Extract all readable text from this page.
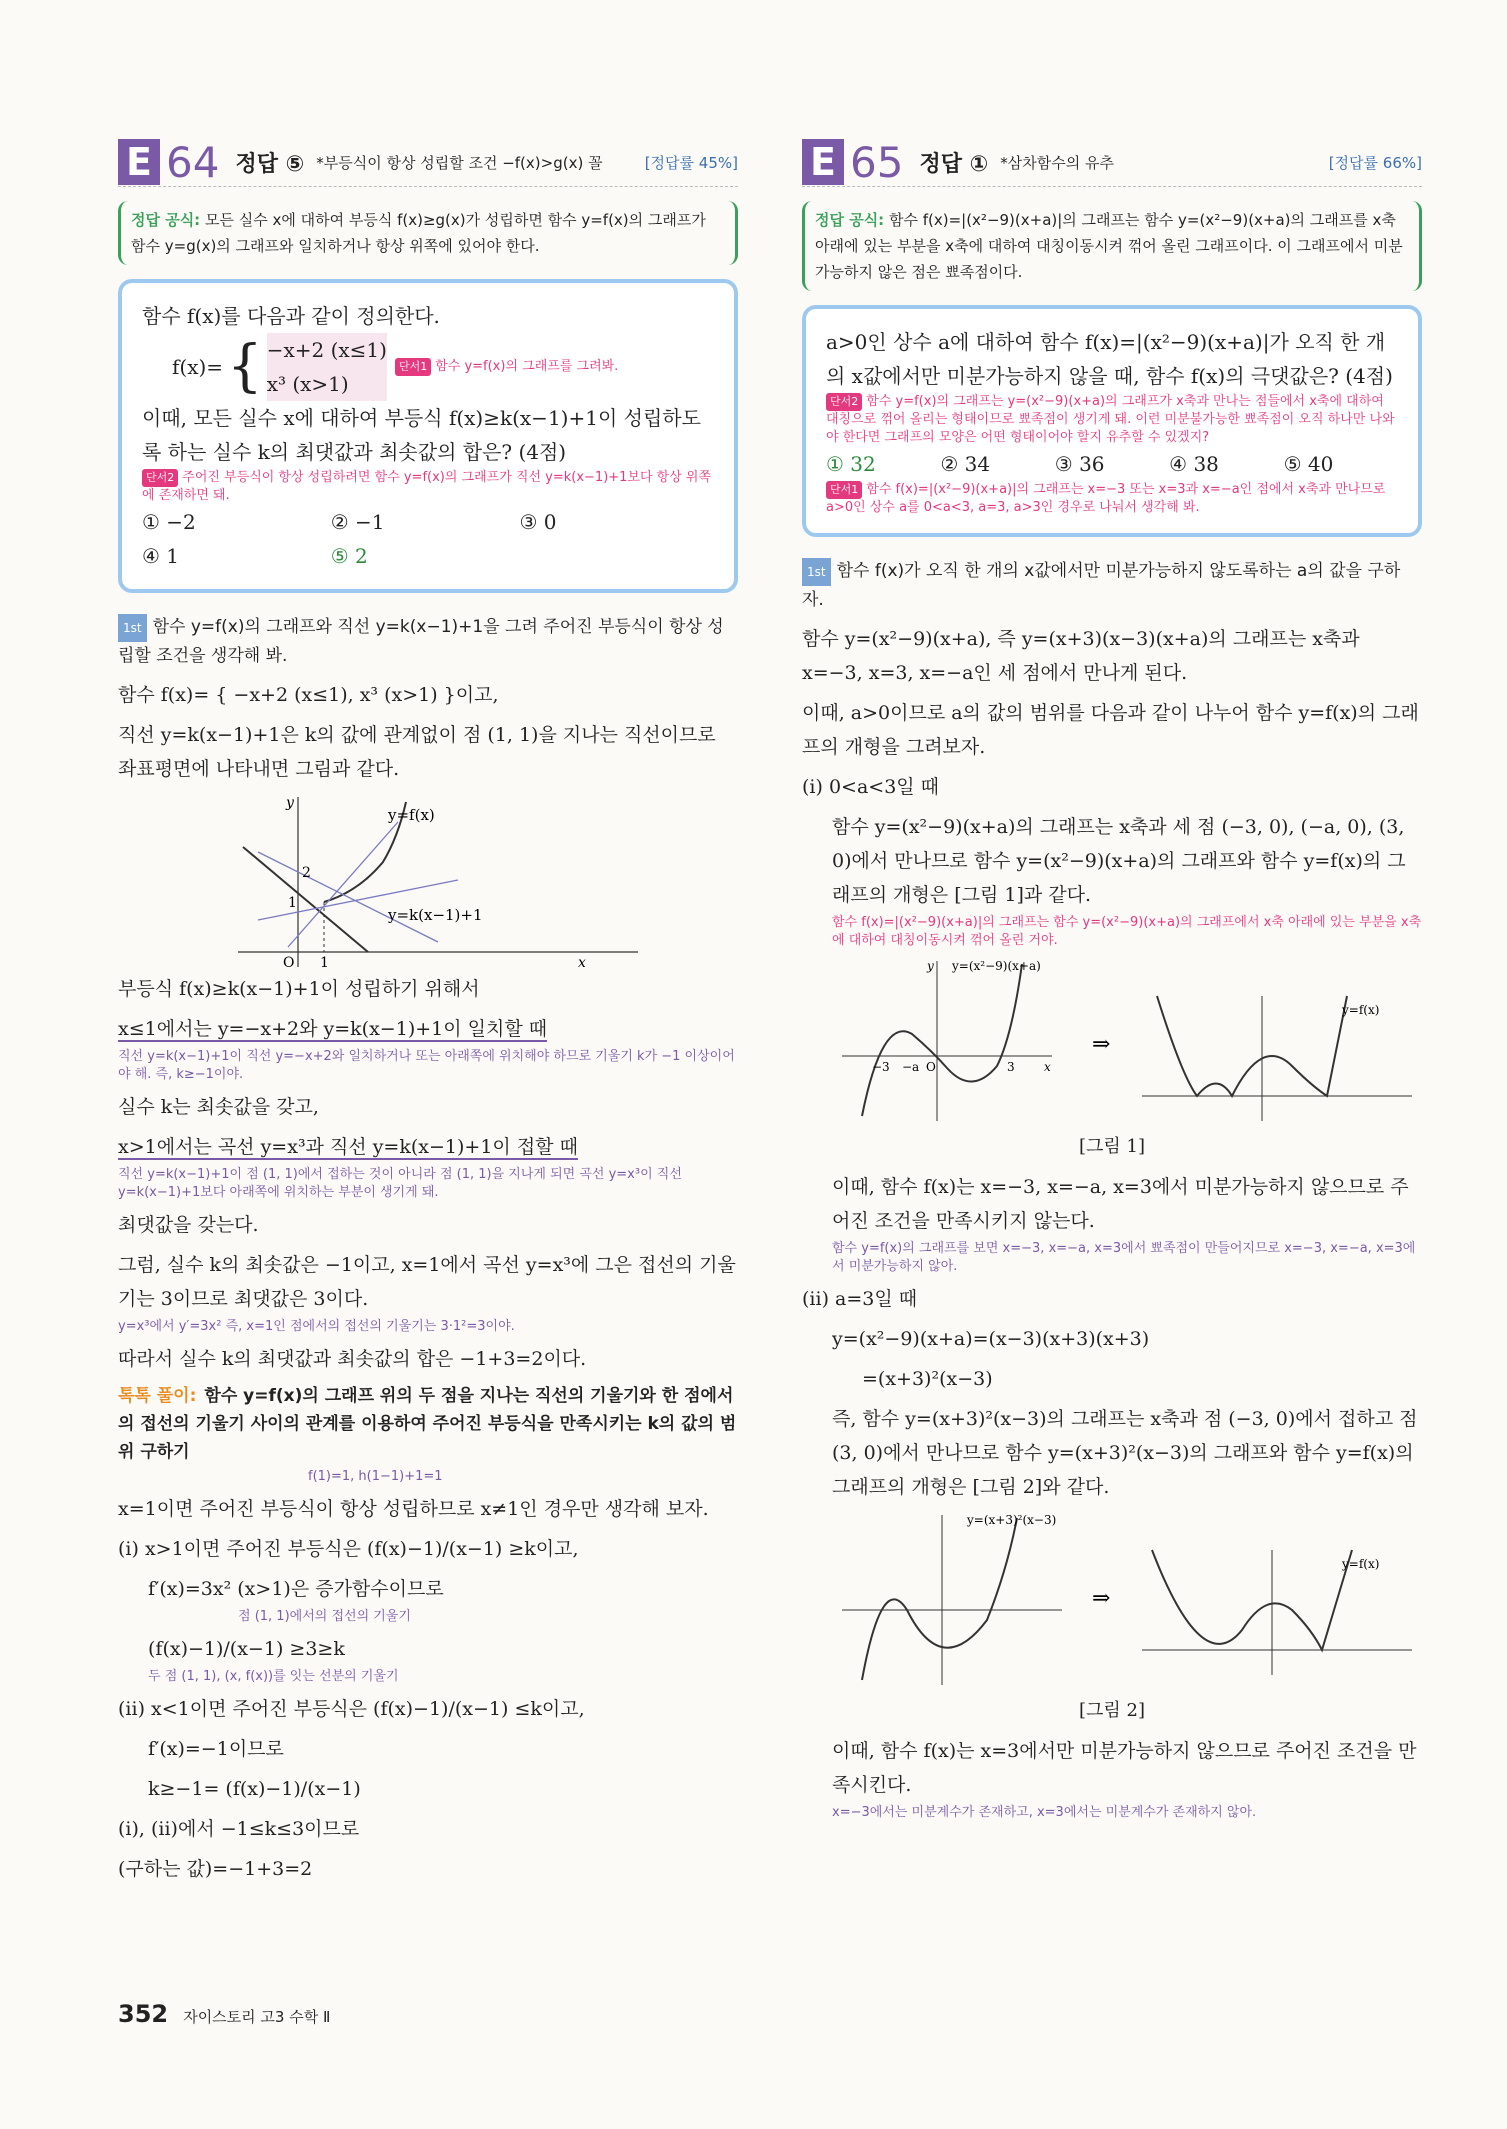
E 64 정답 ⑤ *부등식이 항상 성립할 조건 −f(x)>g(x) 꼴	[정답률 45%]
정답 공식: 모든 실수 x에 대하여 부등식 f(x)≥g(x)가 성립하면 함수 y=f(x)의 그래프가 함수 y=g(x)의 그래프와 일치하거나 항상 위쪽에 있어야 한다.
함수 f(x)를 다음과 같이 정의한다.
f(x)= { −x+2 (x≤1)
x³ (x>1)
단서1 함수 y=f(x)의 그래프를 그려봐.
이때, 모든 실수 x에 대하여 부등식 f(x)≥k(x−1)+1이 성립하도록 하는 실수 k의 최댓값과 최솟값의 합은? (4점)
단서2 주어진 부등식이 항상 성립하려면 함수 y=f(x)의 그래프가 직선 y=k(x−1)+1보다 항상 위쪽에 존재하면 돼.
① −2	② −1	③ 0
④ 1	⑤ 2
1st 함수 y=f(x)의 그래프와 직선 y=k(x−1)+1을 그려 주어진 부등식이 항상 성립할 조건을 생각해 봐.

함수 f(x)= { −x+2 (x≤1), x³ (x>1) }이고,

직선 y=k(x−1)+1은 k의 값에 관계없이 점 (1, 1)을 지나는 직선이므로 좌표평면에 나타내면 그림과 같다.

y
y=f(x)
y=k(x−1)+1
2
1
O 1	x

부등식 f(x)≥k(x−1)+1이 성립하기 위해서

x≤1에서는 y=−x+2와 y=k(x−1)+1이 일치할 때

직선 y=k(x−1)+1이 직선 y=−x+2와 일치하거나 또는 아래쪽에 위치해야 하므로 기울기 k가 −1 이상이어야 해. 즉, k≥−1이야.

실수 k는 최솟값을 갖고,

x>1에서는 곡선 y=x³과 직선 y=k(x−1)+1이 접할 때

직선 y=k(x−1)+1이 점 (1, 1)에서 접하는 것이 아니라 점 (1, 1)을 지나게 되면 곡선 y=x³이 직선 y=k(x−1)+1보다 아래쪽에 위치하는 부분이 생기게 돼.

최댓값을 갖는다.

그럼, 실수 k의 최솟값은 −1이고, x=1에서 곡선 y=x³에 그은 접선의 기울기는 3이므로 최댓값은 3이다.

y=x³에서 y′=3x² 즉, x=1인 점에서의 접선의 기울기는 3·1²=3이야.

따라서 실수 k의 최댓값과 최솟값의 합은 −1+3=2이다.

톡톡 풀이: 함수 y=f(x)의 그래프 위의 두 점을 지나는 직선의 기울기와 한 점에서의 접선의 기울기 사이의 관계를 이용하여 주어진 부등식을 만족시키는 k의 값의 범위 구하기
f(1)=1, h(1−1)+1=1

x=1이면 주어진 부등식이 항상 성립하므로 x≠1인 경우만 생각해 보자.

(i) x>1이면 주어진 부등식은 (f(x)−1)/(x−1) ≥k이고,

f′(x)=3x² (x>1)은 증가함수이므로

점 (1, 1)에서의 접선의 기울기

(f(x)−1)/(x−1) ≥3≥k

두 점 (1, 1), (x, f(x))를 잇는 선분의 기울기

(ii) x<1이면 주어진 부등식은 (f(x)−1)/(x−1) ≤k이고,

f′(x)=−1이므로

k≥−1= (f(x)−1)/(x−1)

(i), (ii)에서 −1≤k≤3이므로

(구하는 값)=−1+3=2

E 65 정답 ① *삼차함수의 유추	[정답률 66%]
정답 공식: 함수 f(x)=|(x²−9)(x+a)|의 그래프는 함수 y=(x²−9)(x+a)의 그래프를 x축 아래에 있는 부분을 x축에 대하여 대칭이동시켜 꺾어 올린 그래프이다. 이 그래프에서 미분가능하지 않은 점은 뾰족점이다.
a>0인 상수 a에 대하여 함수 f(x)=|(x²−9)(x+a)|가 오직 한 개의 x값에서만 미분가능하지 않을 때, 함수 f(x)의 극댓값은? (4점)
단서2 함수 y=f(x)의 그래프는 y=(x²−9)(x+a)의 그래프가 x축과 만나는 점들에서 x축에 대하여 대칭으로 꺾어 올리는 형태이므로 뾰족점이 생기게 돼. 이런 미분불가능한 뾰족점이 오직 하나만 나와야 한다면 그래프의 모양은 어떤 형태이어야 할지 유추할 수 있겠지?
① 32	② 34	③ 36	④ 38	⑤ 40
단서1 함수 f(x)=|(x²−9)(x+a)|의 그래프는 x=−3 또는 x=3과 x=−a인 점에서 x축과 만나므로 a>0인 상수 a를 0<a<3, a=3, a>3인 경우로 나눠서 생각해 봐.
1st 함수 f(x)가 오직 한 개의 x값에서만 미분가능하지 않도록하는 a의 값을 구하자.

함수 y=(x²−9)(x+a), 즉 y=(x+3)(x−3)(x+a)의 그래프는 x축과 x=−3, x=3, x=−a인 세 점에서 만나게 된다.

이때, a>0이므로 a의 값의 범위를 다음과 같이 나누어 함수 y=f(x)의 그래프의 개형을 그려보자.

(i) 0<a<3일 때

함수 y=(x²−9)(x+a)의 그래프는 x축과 세 점 (−3, 0), (−a, 0), (3, 0)에서 만나므로 함수 y=(x²−9)(x+a)의 그래프와 함수 y=f(x)의 그래프의 개형은 [그림 1]과 같다.

함수 f(x)=|(x²−9)(x+a)|의 그래프는 함수 y=(x²−9)(x+a)의 그래프에서 x축 아래에 있는 부분을 x축에 대하여 대칭이동시켜 꺾어 올린 거야.
y=(x²−9)(x+a)
y
−3 −a O	3 x
⇒
y=f(x)
[그림 1]

이때, 함수 f(x)는 x=−3, x=−a, x=3에서 미분가능하지 않으므로 주어진 조건을 만족시키지 않는다.

함수 y=f(x)의 그래프를 보면 x=−3, x=−a, x=3에서 뾰족점이 만들어지므로 x=−3, x=−a, x=3에서 미분가능하지 않아.

(ii) a=3일 때

y=(x²−9)(x+a)=(x−3)(x+3)(x+3)

=(x+3)²(x−3)

즉, 함수 y=(x+3)²(x−3)의 그래프는 x축과 점 (−3, 0)에서 접하고 점 (3, 0)에서 만나므로 함수 y=(x+3)²(x−3)의 그래프와 함수 y=f(x)의 그래프의 개형은 [그림 2]와 같다.

y=(x+3)²(x−3)
⇒
y=f(x)
[그림 2]

이때, 함수 f(x)는 x=3에서만 미분가능하지 않으므로 주어진 조건을 만족시킨다.

x=−3에서는 미분계수가 존재하고, x=3에서는 미분계수가 존재하지 않아.
352 자이스토리 고3 수학 Ⅱ
